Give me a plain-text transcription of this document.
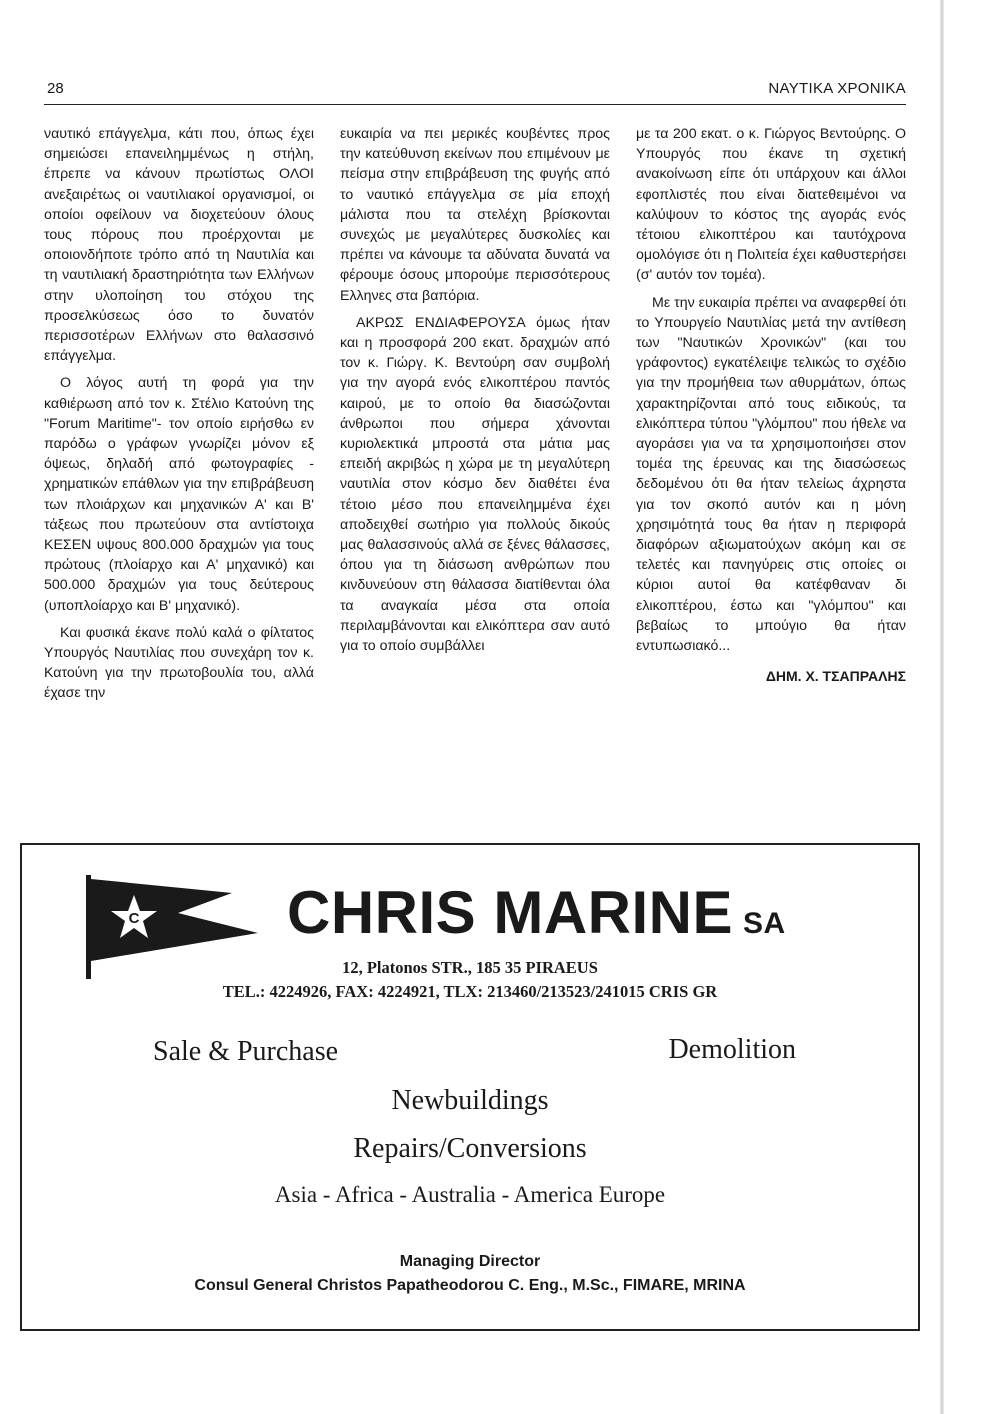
28	ΝΑΥΤΙΚΑ ΧΡΟΝΙΚΑ

ναυτικό επάγγελμα, κάτι που, όπως έχει σημειώσει επανειλημμένως η στήλη, έπρεπε να κάνουν πρωτίστως ΟΛΟΙ ανεξαιρέτως οι ναυτιλιακοί οργανισμοί, οι οποίοι οφείλουν να διοχετεύουν όλους τους πόρους που προέρχονται με οποιονδήποτε τρόπο από τη Ναυτιλία και τη ναυτιλιακή δραστηριότητα των Ελλήνων στην υλοποίηση του στόχου της προσελκύσεως όσο το δυνατόν περισσοτέρων Ελλήνων στο θαλασσινό επάγγελμα.

Ο λόγος αυτή τη φορά για την καθιέρωση από τον κ. Στέλιο Κατούνη της "Forum Maritime"- τον οποίο ειρήσθω εν παρόδω ο γράφων γνωρίζει μόνον εξ όψεως, δηλαδή από φωτογραφίες - χρηματικών επάθλων για την επιβράβευση των πλοιάρχων και μηχανικών Α' και Β' τάξεως που πρωτεύουν στα αντίστοιχα ΚΕΣΕΝ υψους 800.000 δραχμών για τους πρώτους (πλοίαρχο και Α' μηχανικό) και 500.000 δραχμών για τους δεύτερους (υποπλοίαρχο και Β' μηχανικό).

Και φυσικά έκανε πολύ καλά ο φίλτατος Υπουργός Ναυτιλίας που συνεχάρη τον κ. Κατούνη για την πρωτοβουλία του, αλλά έχασε την

ευκαιρία να πει μερικές κουβέντες προς την κατεύθυνση εκείνων που επιμένουν με πείσμα στην επιβράβευση της φυγής από το ναυτικό επάγγελμα σε μία εποχή μάλιστα που τα στελέχη βρίσκονται συνεχώς με μεγαλύτερες δυσκολίες και πρέπει να κάνουμε τα αδύνατα δυνατά να φέρουμε όσους μπορούμε περισσότερους Ελληνες στα βαπόρια.

ΑΚΡΩΣ ΕΝΔΙΑΦΕΡΟΥΣΑ όμως ήταν και η προσφορά 200 εκατ. δραχμών από τον κ. Γιώργ. Κ. Βεντούρη σαν συμβολή για την αγορά ενός ελικοπτέρου παντός καιρού, με το οποίο θα διασώζονται άνθρωποι που σήμερα χάνονται κυριολεκτικά μπροστά στα μάτια μας επειδή ακριβώς η χώρα με τη μεγαλύτερη ναυτιλία στον κόσμο δεν διαθέτει ένα τέτοιο μέσο που επανειλημμένα έχει αποδειχθεί σωτήριο για πολλούς δικούς μας θαλασσινούς αλλά σε ξένες θάλασσες, όπου για τη διάσωση ανθρώπων που κινδυνεύουν στη θάλασσα διατίθενται όλα τα αναγκαία μέσα στα οποία περιλαμβάνονται και ελικόπτερα σαν αυτό για το οποίο συμβάλλει

με τα 200 εκατ. ο κ. Γιώργος Βεντούρης. Ο Υπουργός που έκανε τη σχετική ανακοίνωση είπε ότι υπάρχουν και άλλοι εφοπλιστές που είναι διατεθειμένοι να καλύψουν το κόστος της αγοράς ενός τέτοιου ελικοπτέρου και ταυτόχρονα ομολόγισε ότι η Πολιτεία έχει καθυστερήσει (σ' αυτόν τον τομέα).

Με την ευκαιρία πρέπει να αναφερθεί ότι το Υπουργείο Ναυτιλίας μετά την αντίθεση των "Ναυτικών Χρονικών" (και του γράφοντος) εγκατέλειψε τελικώς το σχέδιο για την προμήθεια των αθυρμάτων, όπως χαρακτηρίζονται από τους ειδικούς, τα ελικόπτερα τύπου "γλόμπου" που ήθελε να αγοράσει για να τα χρησιμοποιήσει στον τομέα της έρευνας και της διασώσεως δεδομένου ότι θα ήταν τελείως άχρηστα για τον σκοπό αυτόν και η μόνη χρησιμότητά τους θα ήταν η περιφορά διαφόρων αξιωματούχων ακόμη και σε τελετές και πανηγύρεις στις οποίες οι κύριοι αυτοί θα κατέφθαναν δι ελικοπτέρου, έστω και "γλόμπου" και βεβαίως το μπούγιο θα ήταν εντυπωσιακό...

ΔΗΜ. Χ. ΤΣΑΠΡΑΛΗΣ
C CHRIS MARINE SA
12, Platonos STR., 185 35 PIRAEUS
TEL.: 4224926, FAX: 4224921, TLX: 213460/213523/241015 CRIS GR
Sale & Purchase	Demolition
Newbuildings
Repairs/Conversions
Asia - Africa - Australia - America Europe
Managing Director
Consul General Christos Papatheodorou C. Eng., M.Sc., FIMARE, MRINA
